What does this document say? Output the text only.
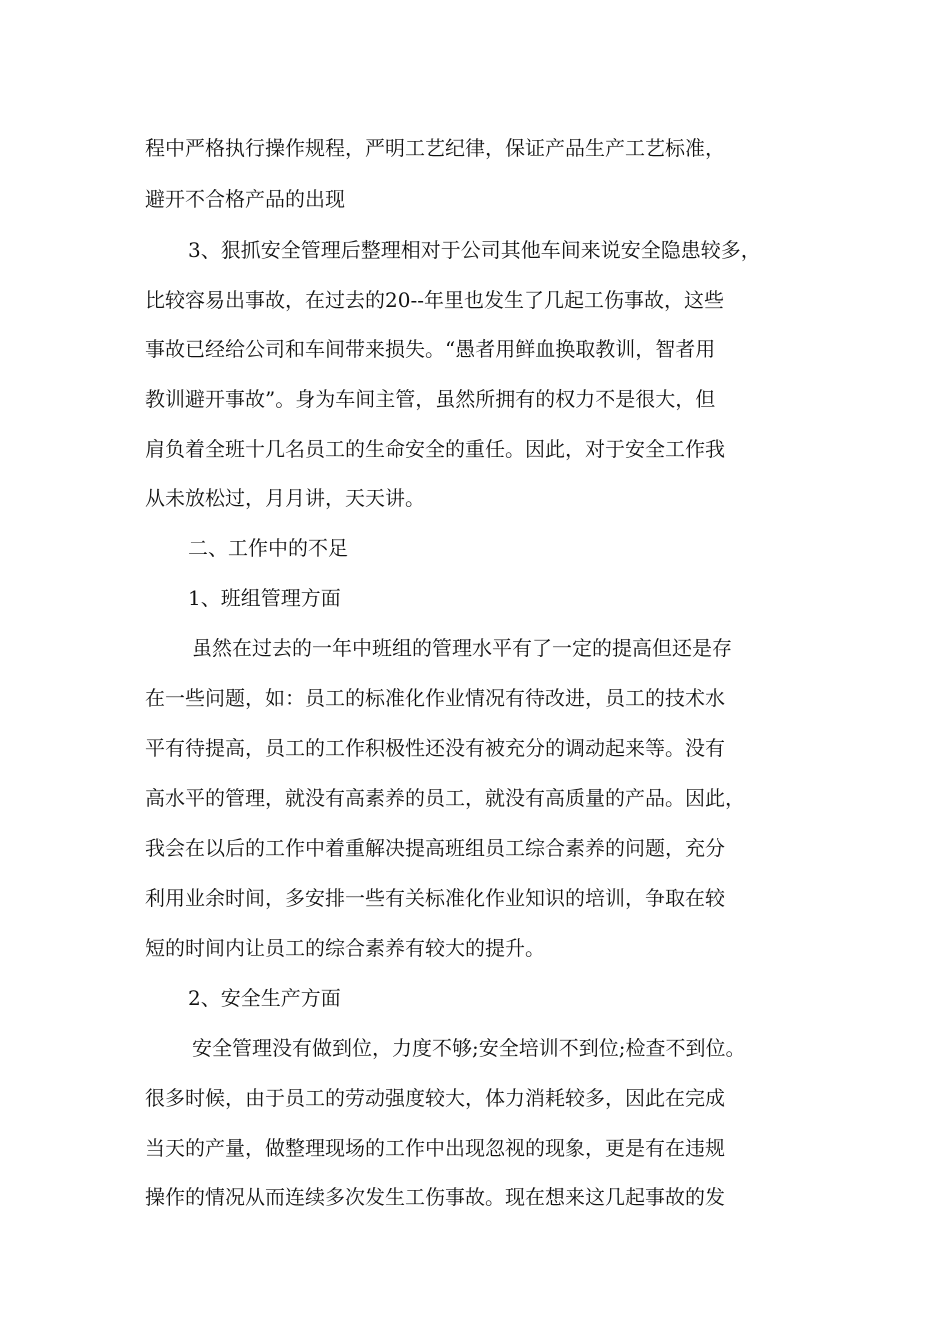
程中严格执行操作规程，严明工艺纪律，保证产品生产工艺标准，
避开不合格产品的出现
3、狠抓安全管理后整理相对于公司其他车间来说安全隐患较多，
比较容易出事故，在过去的20--年里也发生了几起工伤事故，这些
事故已经给公司和车间带来损失。“愚者用鲜血换取教训，智者用
教训避开事故”。身为车间主管，虽然所拥有的权力不是很大，但
肩负着全班十几名员工的生命安全的重任。因此，对于安全工作我
从未放松过，月月讲，天天讲。
二、工作中的不足
1、班组管理方面
虽然在过去的一年中班组的管理水平有了一定的提高但还是存
在一些问题，如：员工的标准化作业情况有待改进，员工的技术水
平有待提高，员工的工作积极性还没有被充分的调动起来等。没有
高水平的管理，就没有高素养的员工，就没有高质量的产品。因此，
我会在以后的工作中着重解决提高班组员工综合素养的问题，充分
利用业余时间，多安排一些有关标准化作业知识的培训，争取在较
短的时间内让员工的综合素养有较大的提升。
2、安全生产方面
安全管理没有做到位，力度不够;安全培训不到位;检查不到位。
很多时候，由于员工的劳动强度较大，体力消耗较多，因此在完成
当天的产量，做整理现场的工作中出现忽视的现象，更是有在违规
操作的情况从而连续多次发生工伤事故。现在想来这几起事故的发
